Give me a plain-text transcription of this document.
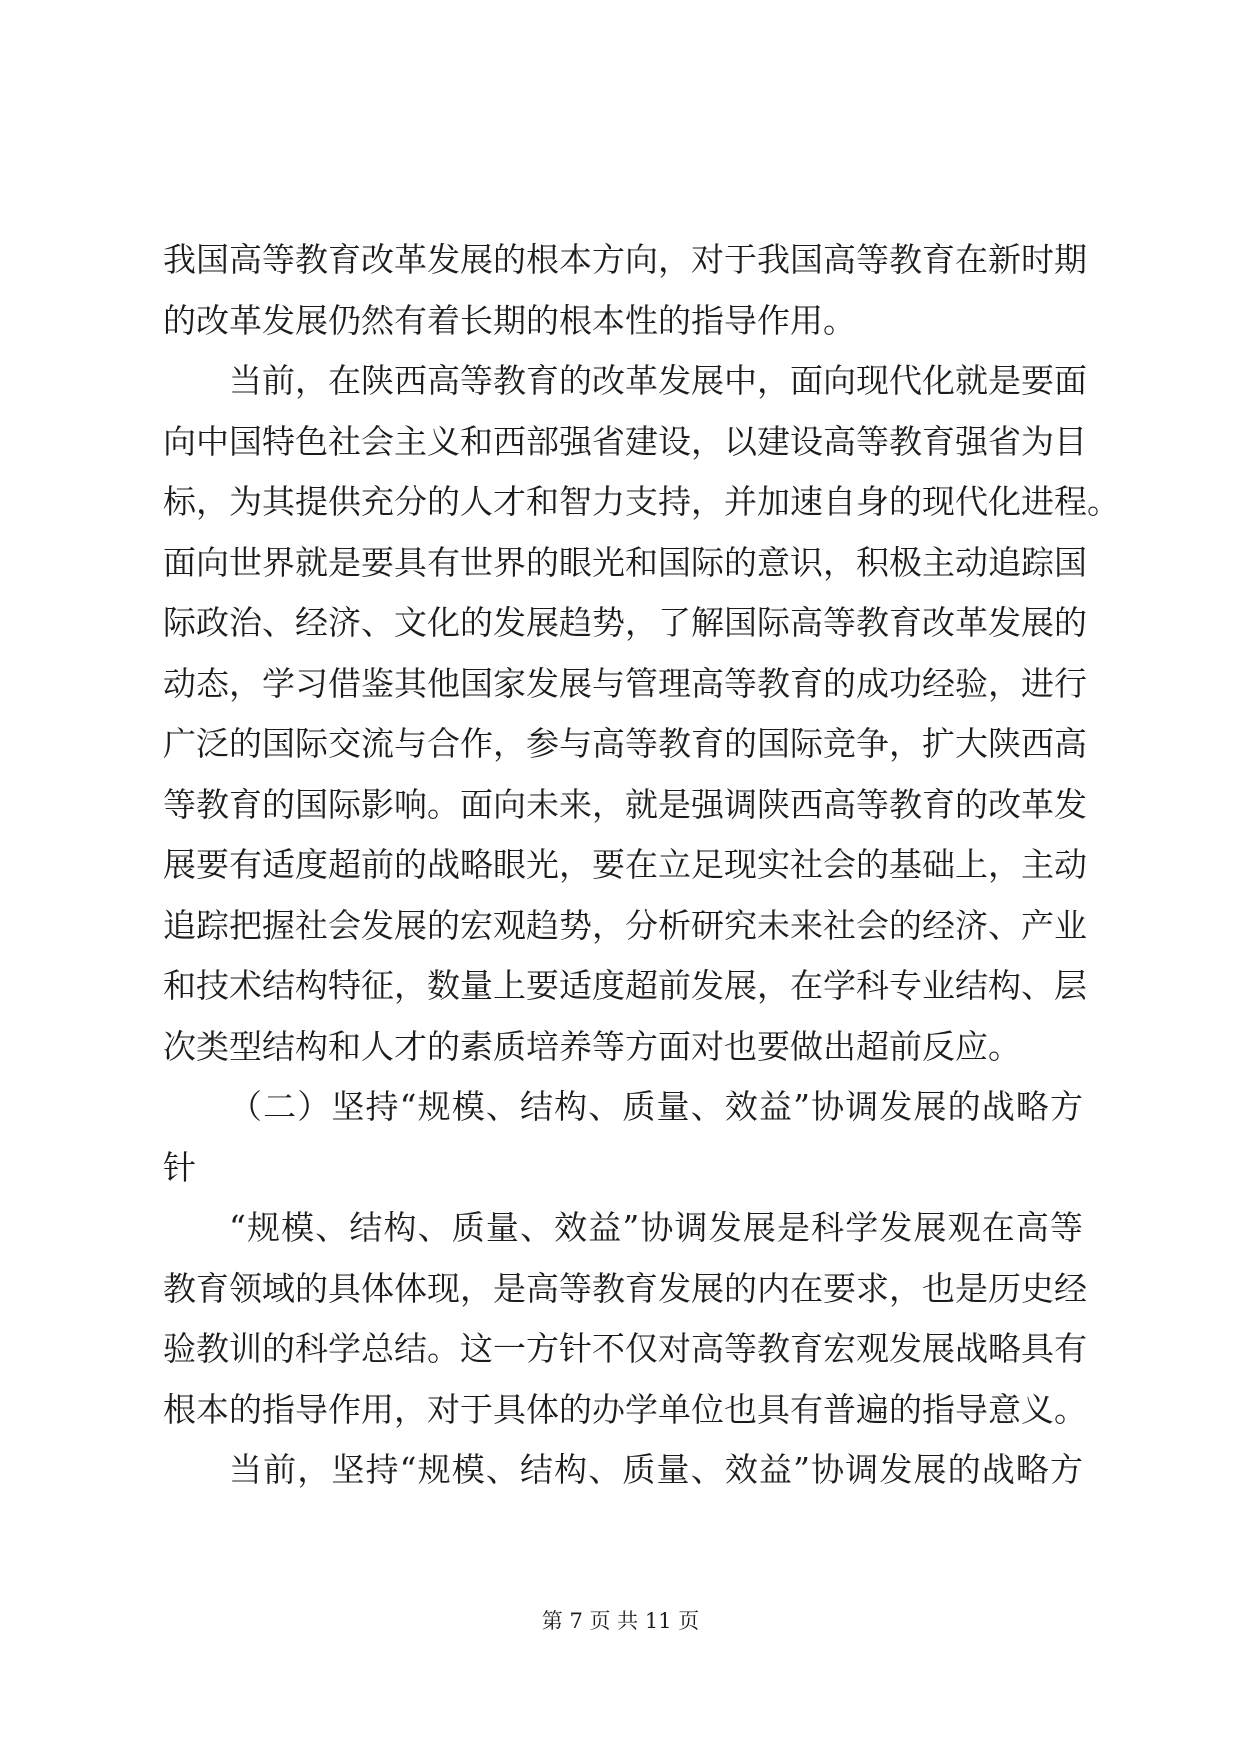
我国高等教育改革发展的根本方向，对于我国高等教育在新时期
的改革发展仍然有着长期的根本性的指导作用。
当前，在陕西高等教育的改革发展中，面向现代化就是要面
向中国特色社会主义和西部强省建设，以建设高等教育强省为目
标，为其提供充分的人才和智力支持，并加速自身的现代化进程。
面向世界就是要具有世界的眼光和国际的意识，积极主动追踪国
际政治、经济、文化的发展趋势，了解国际高等教育改革发展的
动态，学习借鉴其他国家发展与管理高等教育的成功经验，进行
广泛的国际交流与合作，参与高等教育的国际竞争，扩大陕西高
等教育的国际影响。面向未来，就是强调陕西高等教育的改革发
展要有适度超前的战略眼光，要在立足现实社会的基础上，主动
追踪把握社会发展的宏观趋势，分析研究未来社会的经济、产业
和技术结构特征，数量上要适度超前发展，在学科专业结构、层
次类型结构和人才的素质培养等方面对也要做出超前反应。
（二）坚持“规模、结构、质量、效益”协调发展的战略方
针
“规模、结构、质量、效益”协调发展是科学发展观在高等
教育领域的具体体现，是高等教育发展的内在要求，也是历史经
验教训的科学总结。这一方针不仅对高等教育宏观发展战略具有
根本的指导作用，对于具体的办学单位也具有普遍的指导意义。
当前，坚持“规模、结构、质量、效益”协调发展的战略方
第 7 页 共 11 页
